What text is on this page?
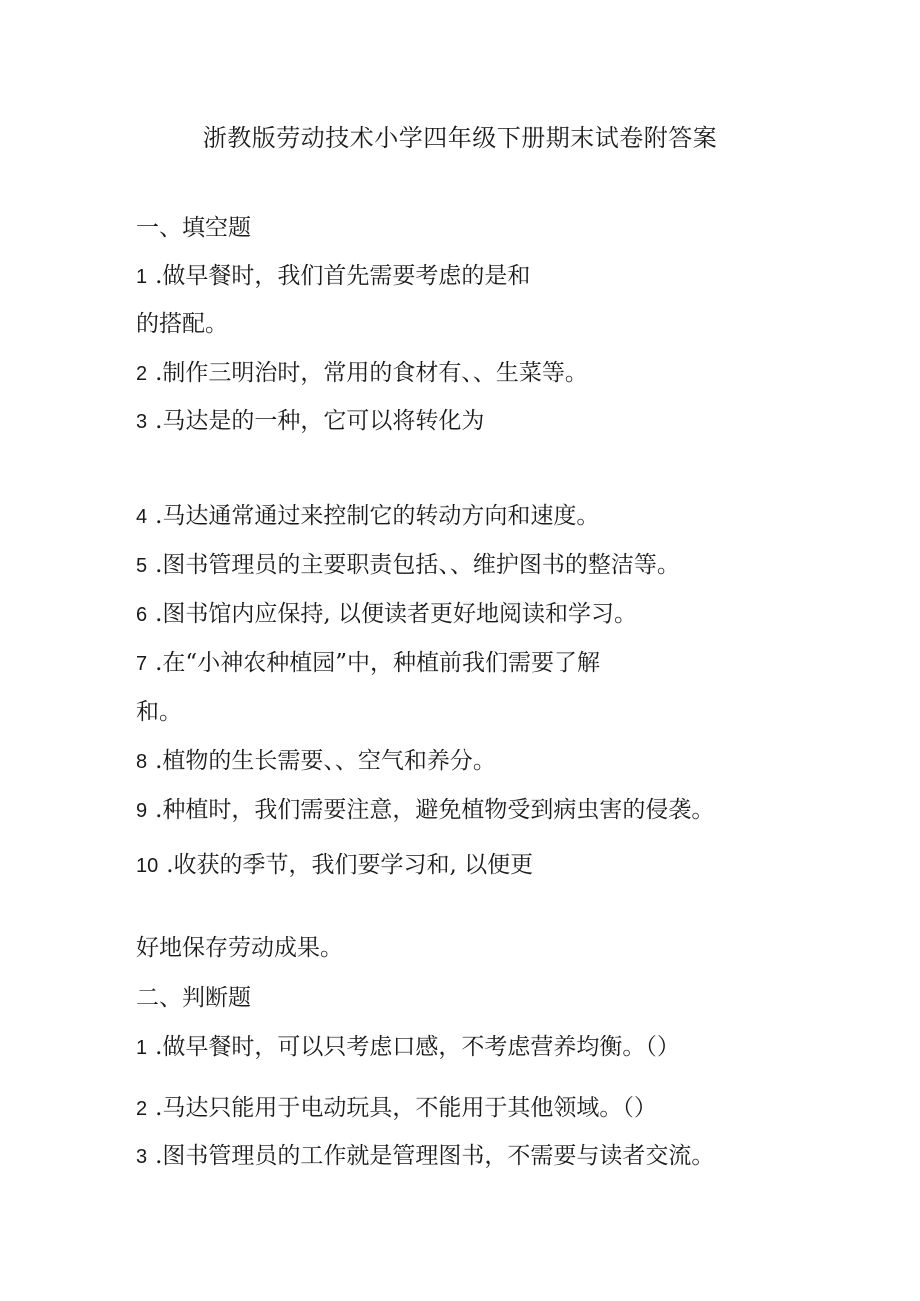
浙教版劳动技术小学四年级下册期末试卷附答案
一、填空题
1 .做早餐时，我们首先需要考虑的是和
的搭配。
2 .制作三明治时，常用的食材有、、生菜等。
3 .马达是的一种，它可以将转化为
4 .马达通常通过来控制它的转动方向和速度。
5 .图书管理员的主要职责包括、、维护图书的整洁等。
6 .图书馆内应保持, 以便读者更好地阅读和学习。
7 .在“小神农种植园”中，种植前我们需要了解
和。
8 .植物的生长需要、、空气和养分。
9 .种植时，我们需要注意，避免植物受到病虫害的侵袭。
10 .收获的季节，我们要学习和, 以便更
好地保存劳动成果。
二、判断题
1 .做早餐时，可以只考虑口感，不考虑营养均衡。（）
2 .马达只能用于电动玩具，不能用于其他领域。（）
3 .图书管理员的工作就是管理图书，不需要与读者交流。
